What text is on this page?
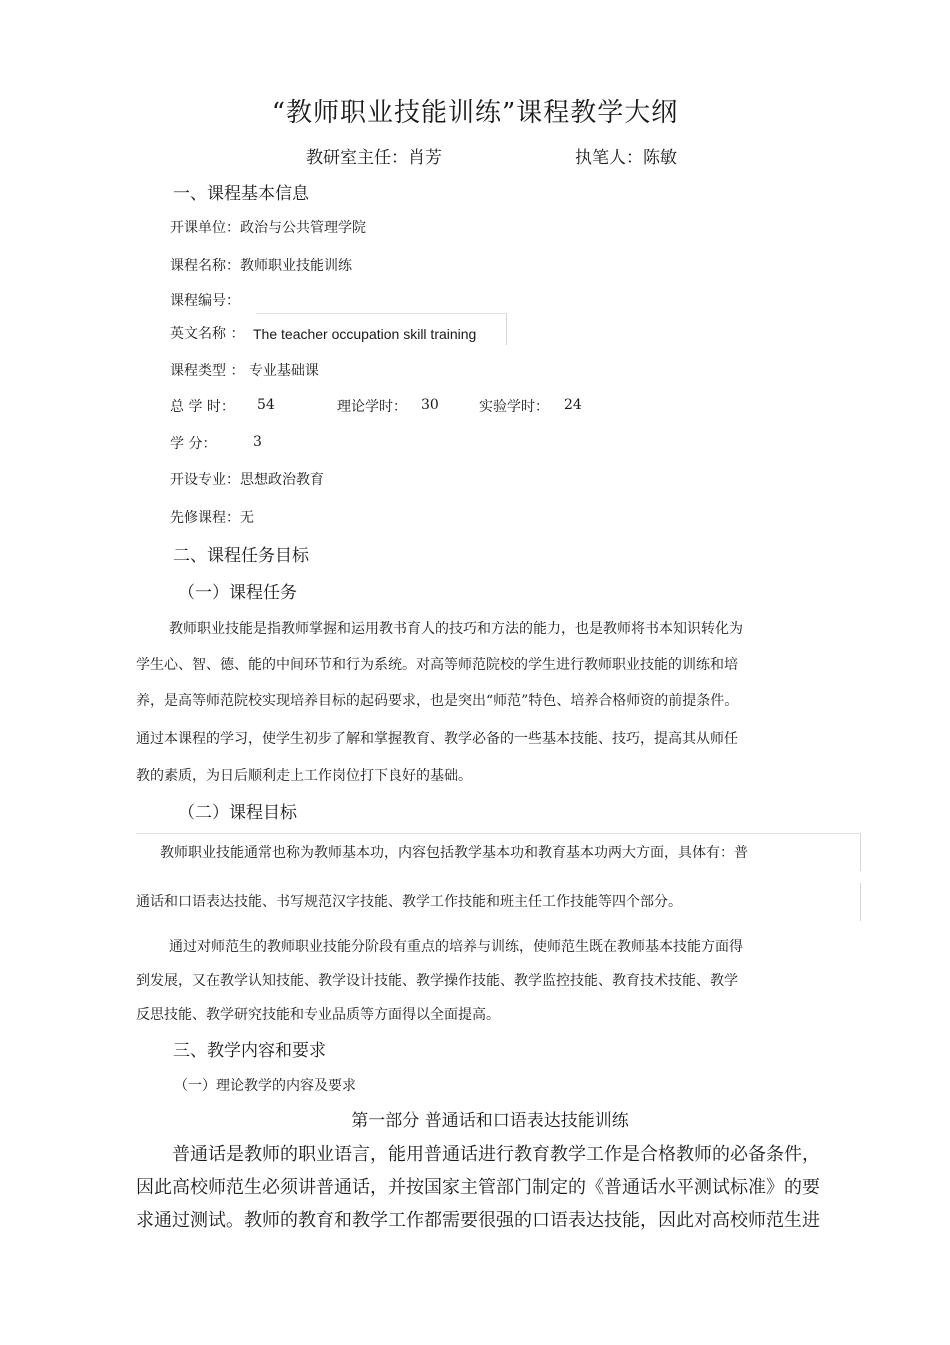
“教师职业技能训练”课程教学大纲
教研室主任：肖芳	执笔人：陈敏
一、课程基本信息
开课单位：政治与公共管理学院
课程名称：教师职业技能训练
课程编号：
英文名称 ： The teacher occupation skill training
课程类型 ： 专业基础课
总 学 时： 54	理论学时： 30	实验学时： 24
学 分：	3
开设专业：思想政治教育
先修课程：无
二、课程任务目标
（一）课程任务
教师职业技能是指教师掌握和运用教书育人的技巧和方法的能力，也是教师将书本知识转化为
学生心、智、德、能的中间环节和行为系统。对高等师范院校的学生进行教师职业技能的训练和培
养，是高等师范院校实现培养目标的起码要求，也是突出“师范”特色、培养合格师资的前提条件。
通过本课程的学习，使学生初步了解和掌握教育、教学必备的一些基本技能、技巧，提高其从师任
教的素质，为日后顺利走上工作岗位打下良好的基础。
（二）课程目标
教师职业技能通常也称为教师基本功，内容包括教学基本功和教育基本功两大方面，具体有：普
通话和口语表达技能、书写规范汉字技能、教学工作技能和班主任工作技能等四个部分。
通过对师范生的教师职业技能分阶段有重点的培养与训练，使师范生既在教师基本技能方面得
到发展，又在教学认知技能、教学设计技能、教学操作技能、教学监控技能、教育技术技能、教学
反思技能、教学研究技能和专业品质等方面得以全面提高。
三、教学内容和要求
（一）理论教学的内容及要求
第一部分 普通话和口语表达技能训练
普通话是教师的职业语言，能用普通话进行教育教学工作是合格教师的必备条件，
因此高校师范生必须讲普通话，并按国家主管部门制定的《普通话水平测试标准》的要
求通过测试。教师的教育和教学工作都需要很强的口语表达技能，因此对高校师范生进
